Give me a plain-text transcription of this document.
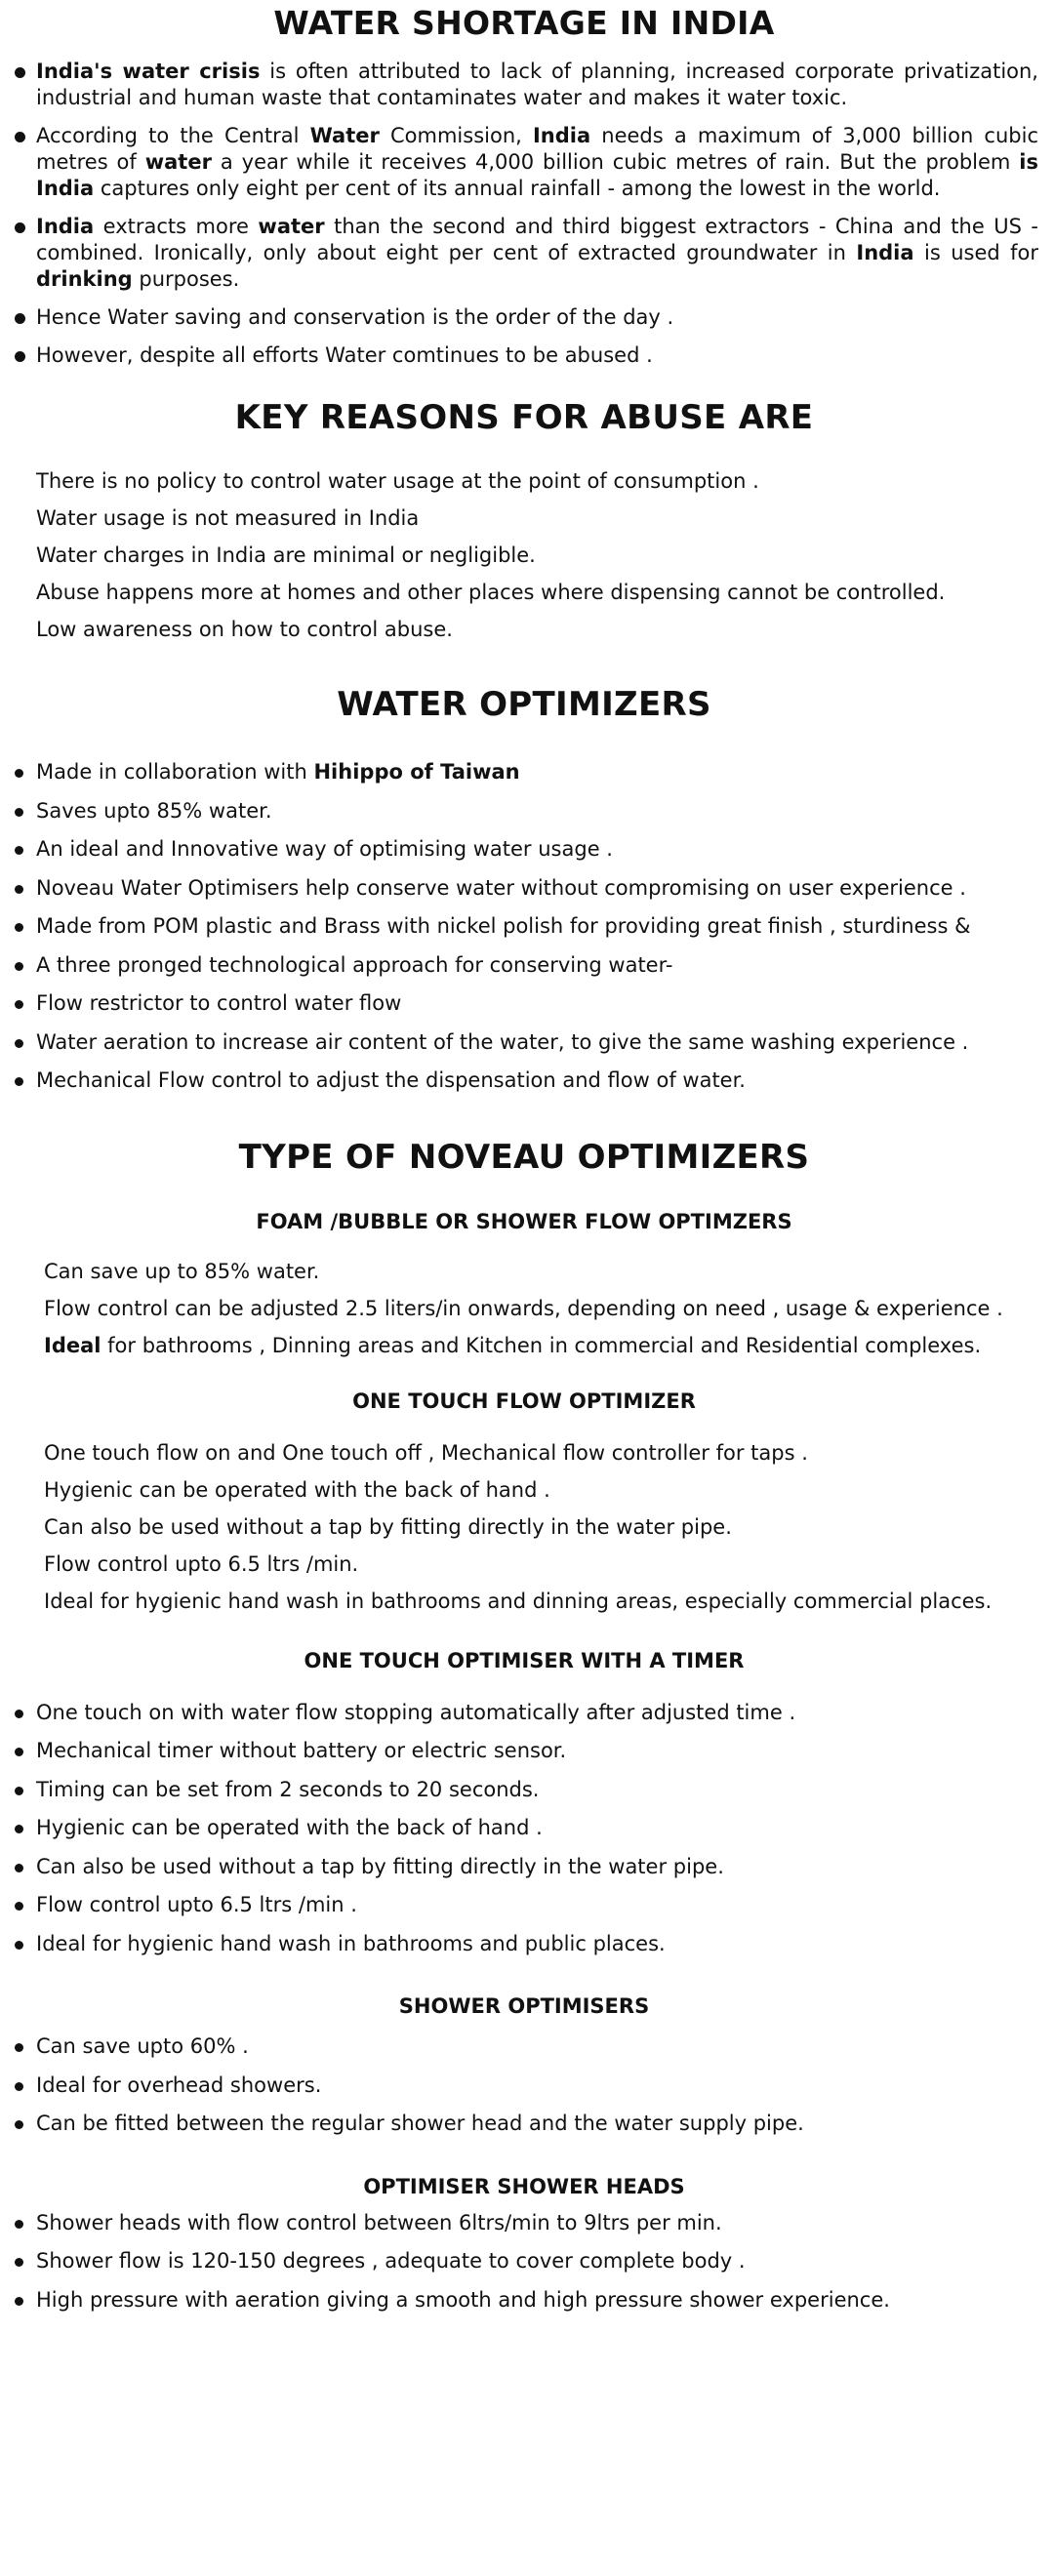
WATER SHORTAGE IN INDIA
India's water crisis is often attributed to lack of planning, increased corporate privatization, industrial and human waste that contaminates water and makes it water toxic.
According to the Central Water Commission, India needs a maximum of 3,000 billion cubic metres of water a year while it receives 4,000 billion cubic metres of rain. But the problem is India captures only eight per cent of its annual rainfall - among the lowest in the world.
India extracts more water than the second and third biggest extractors - China and the US - combined. Ironically, only about eight per cent of extracted groundwater in India is used for drinking purposes.
Hence Water saving and conservation is the order of the day .
However, despite all efforts Water comtinues to be abused .
KEY REASONS FOR ABUSE ARE
There is no policy to control water usage at the point of consumption .
Water usage is not measured in India
Water charges in India are minimal or negligible.
Abuse happens more at homes and other places where dispensing cannot be controlled.
Low awareness on how to control abuse.
WATER OPTIMIZERS
Made in collaboration with Hihippo of Taiwan
Saves upto 85% water.
An ideal and Innovative way of optimising water usage .
Noveau Water Optimisers help conserve water without compromising on user experience .
Made from POM plastic and Brass with nickel polish for providing great finish , sturdiness &
A three pronged technological approach for conserving water-
Flow restrictor to control water flow
Water aeration to increase air content of the water, to give the same washing experience .
Mechanical Flow control to adjust the dispensation and flow of water.
TYPE OF NOVEAU OPTIMIZERS
FOAM /BUBBLE OR SHOWER FLOW OPTIMZERS
Can save up to 85% water.
Flow control can be adjusted 2.5 liters/in onwards, depending on need , usage & experience .
Ideal for bathrooms , Dinning areas and Kitchen in commercial and Residential complexes.
ONE TOUCH FLOW OPTIMIZER
One touch flow on and One touch off , Mechanical flow controller for taps .
Hygienic can be operated with the back of hand .
Can also be used without a tap by fitting directly in the water pipe.
Flow control upto 6.5 ltrs /min.
Ideal for hygienic hand wash in bathrooms and dinning areas, especially commercial places.
ONE TOUCH OPTIMISER WITH A TIMER
One touch on with water flow stopping automatically after adjusted time .
Mechanical timer without battery or electric sensor.
Timing can be set from 2 seconds to 20 seconds.
Hygienic can be operated with the back of hand .
Can also be used without a tap by fitting directly in the water pipe.
Flow control upto 6.5 ltrs /min .
Ideal for hygienic hand wash in bathrooms and public places.
SHOWER OPTIMISERS
Can save upto 60% .
Ideal for overhead showers.
Can be fitted between the regular shower head and the water supply pipe.
OPTIMISER SHOWER HEADS
Shower heads with flow control between 6ltrs/min to 9ltrs per min.
Shower flow is 120-150 degrees , adequate to cover complete body .
High pressure with aeration giving a smooth and high pressure shower experience.
